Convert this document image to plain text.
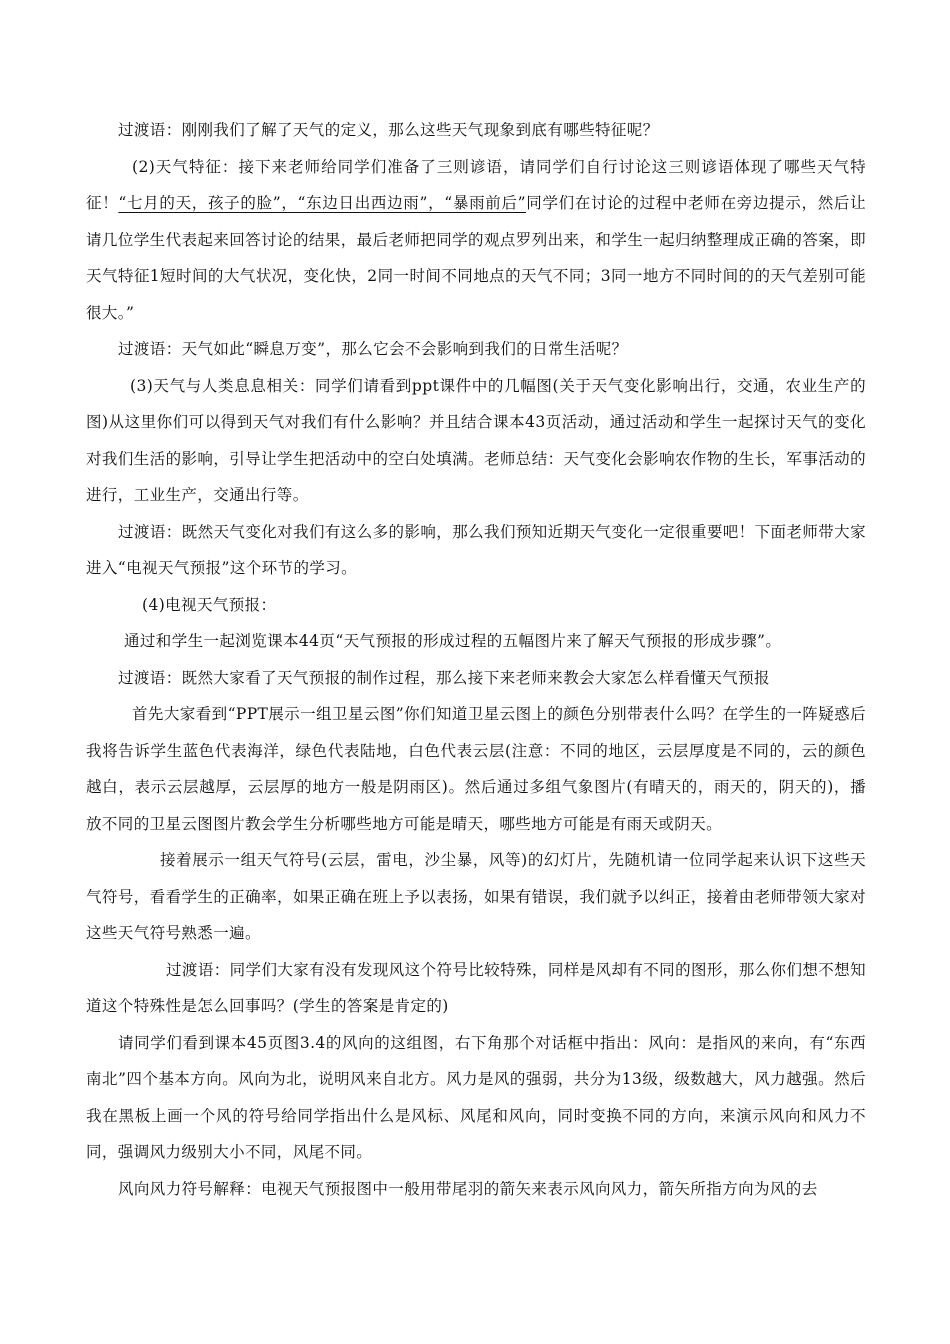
过渡语：刚刚我们了解了天气的定义，那么这些天气现象到底有哪些特征呢？

(2)天气特征：接下来老师给同学们准备了三则谚语，请同学们自行讨论这三则谚语体现了哪些天气特征！“七月的天，孩子的脸”，“东边日出西边雨”，“暴雨前后”同学们在讨论的过程中老师在旁边提示，然后让请几位学生代表起来回答讨论的结果，最后老师把同学的观点罗列出来，和学生一起归纳整理成正确的答案，即天气特征1短时间的大气状况，变化快，2同一时间不同地点的天气不同；3同一地方不同时间的的天气差别可能很大。”

过渡语：天气如此“瞬息万变”，那么它会不会影响到我们的日常生活呢？

(3)天气与人类息息相关：同学们请看到ppt课件中的几幅图(关于天气变化影响出行，交通，农业生产的图)从这里你们可以得到天气对我们有什么影响？并且结合课本43页活动，通过活动和学生一起探讨天气的变化对我们生活的影响，引导让学生把活动中的空白处填满。老师总结：天气变化会影响农作物的生长，军事活动的进行，工业生产，交通出行等。

过渡语：既然天气变化对我们有这么多的影响，那么我们预知近期天气变化一定很重要吧！下面老师带大家进入“电视天气预报”这个环节的学习。

(4)电视天气预报：

通过和学生一起浏览课本44页“天气预报的形成过程的五幅图片来了解天气预报的形成步骤”。

过渡语：既然大家看了天气预报的制作过程，那么接下来老师来教会大家怎么样看懂天气预报

首先大家看到“PPT展示一组卫星云图”你们知道卫星云图上的颜色分别带表什么吗？在学生的一阵疑惑后我将告诉学生蓝色代表海洋，绿色代表陆地，白色代表云层(注意：不同的地区，云层厚度是不同的，云的颜色越白，表示云层越厚，云层厚的地方一般是阴雨区)。然后通过多组气象图片(有晴天的，雨天的，阴天的)，播放不同的卫星云图图片教会学生分析哪些地方可能是晴天，哪些地方可能是有雨天或阴天。

接着展示一组天气符号(云层，雷电，沙尘暴，风等)的幻灯片，先随机请一位同学起来认识下这些天气符号，看看学生的正确率，如果正确在班上予以表扬，如果有错误，我们就予以纠正，接着由老师带领大家对这些天气符号熟悉一遍。

过渡语：同学们大家有没有发现风这个符号比较特殊，同样是风却有不同的图形，那么你们想不想知道这个特殊性是怎么回事吗？(学生的答案是肯定的)

请同学们看到课本45页图3.4的风向的这组图，右下角那个对话框中指出：风向：是指风的来向，有“东西南北”四个基本方向。风向为北，说明风来自北方。风力是风的强弱，共分为13级，级数越大，风力越强。然后我在黑板上画一个风的符号给同学指出什么是风标、风尾和风向，同时变换不同的方向，来演示风向和风力不同，强调风力级别大小不同，风尾不同。

风向风力符号解释：电视天气预报图中一般用带尾羽的箭矢来表示风向风力，箭矢所指方向为风的去
